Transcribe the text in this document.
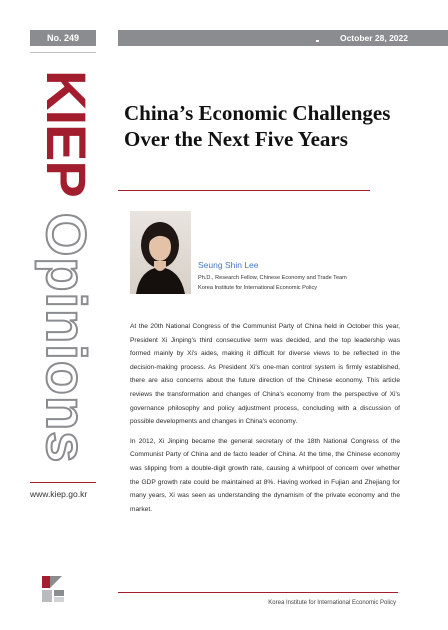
No. 249	October 28, 2022
KIEP
Opinions
www.kiep.go.kr
China’s Economic Challenges
Over the Next Five Years
Seung Shin Lee
Ph.D., Research Fellow, Chinese Economy and Trade Team
Korea Institute for International Economic Policy

At the 20th National Congress of the Communist Party of China held in October this year, President Xi Jinping's third consecutive term was decided, and the top leadership was formed mainly by Xi's aides, making it difficult for diverse views to be reflected in the decision-making process. As President Xi's one-man control system is firmly established, there are also concerns about the future direction of the Chinese economy. This article reviews the transformation and changes of China's economy from the perspective of Xi's governance philosophy and policy adjustment process, concluding with a discussion of possible developments and changes in China's economy.

In 2012, Xi Jinping became the general secretary of the 18th National Congress of the Communist Party of China and de facto leader of China. At the time, the Chinese economy was slipping from a double-digit growth rate, causing a whirlpool of concern over whether the GDP growth rate could be maintained at 8%. Having worked in Fujian and Zhejiang for many years, Xi was seen as understanding the dynamism of the private economy and the market.

Korea Institute for International Economic Policy
